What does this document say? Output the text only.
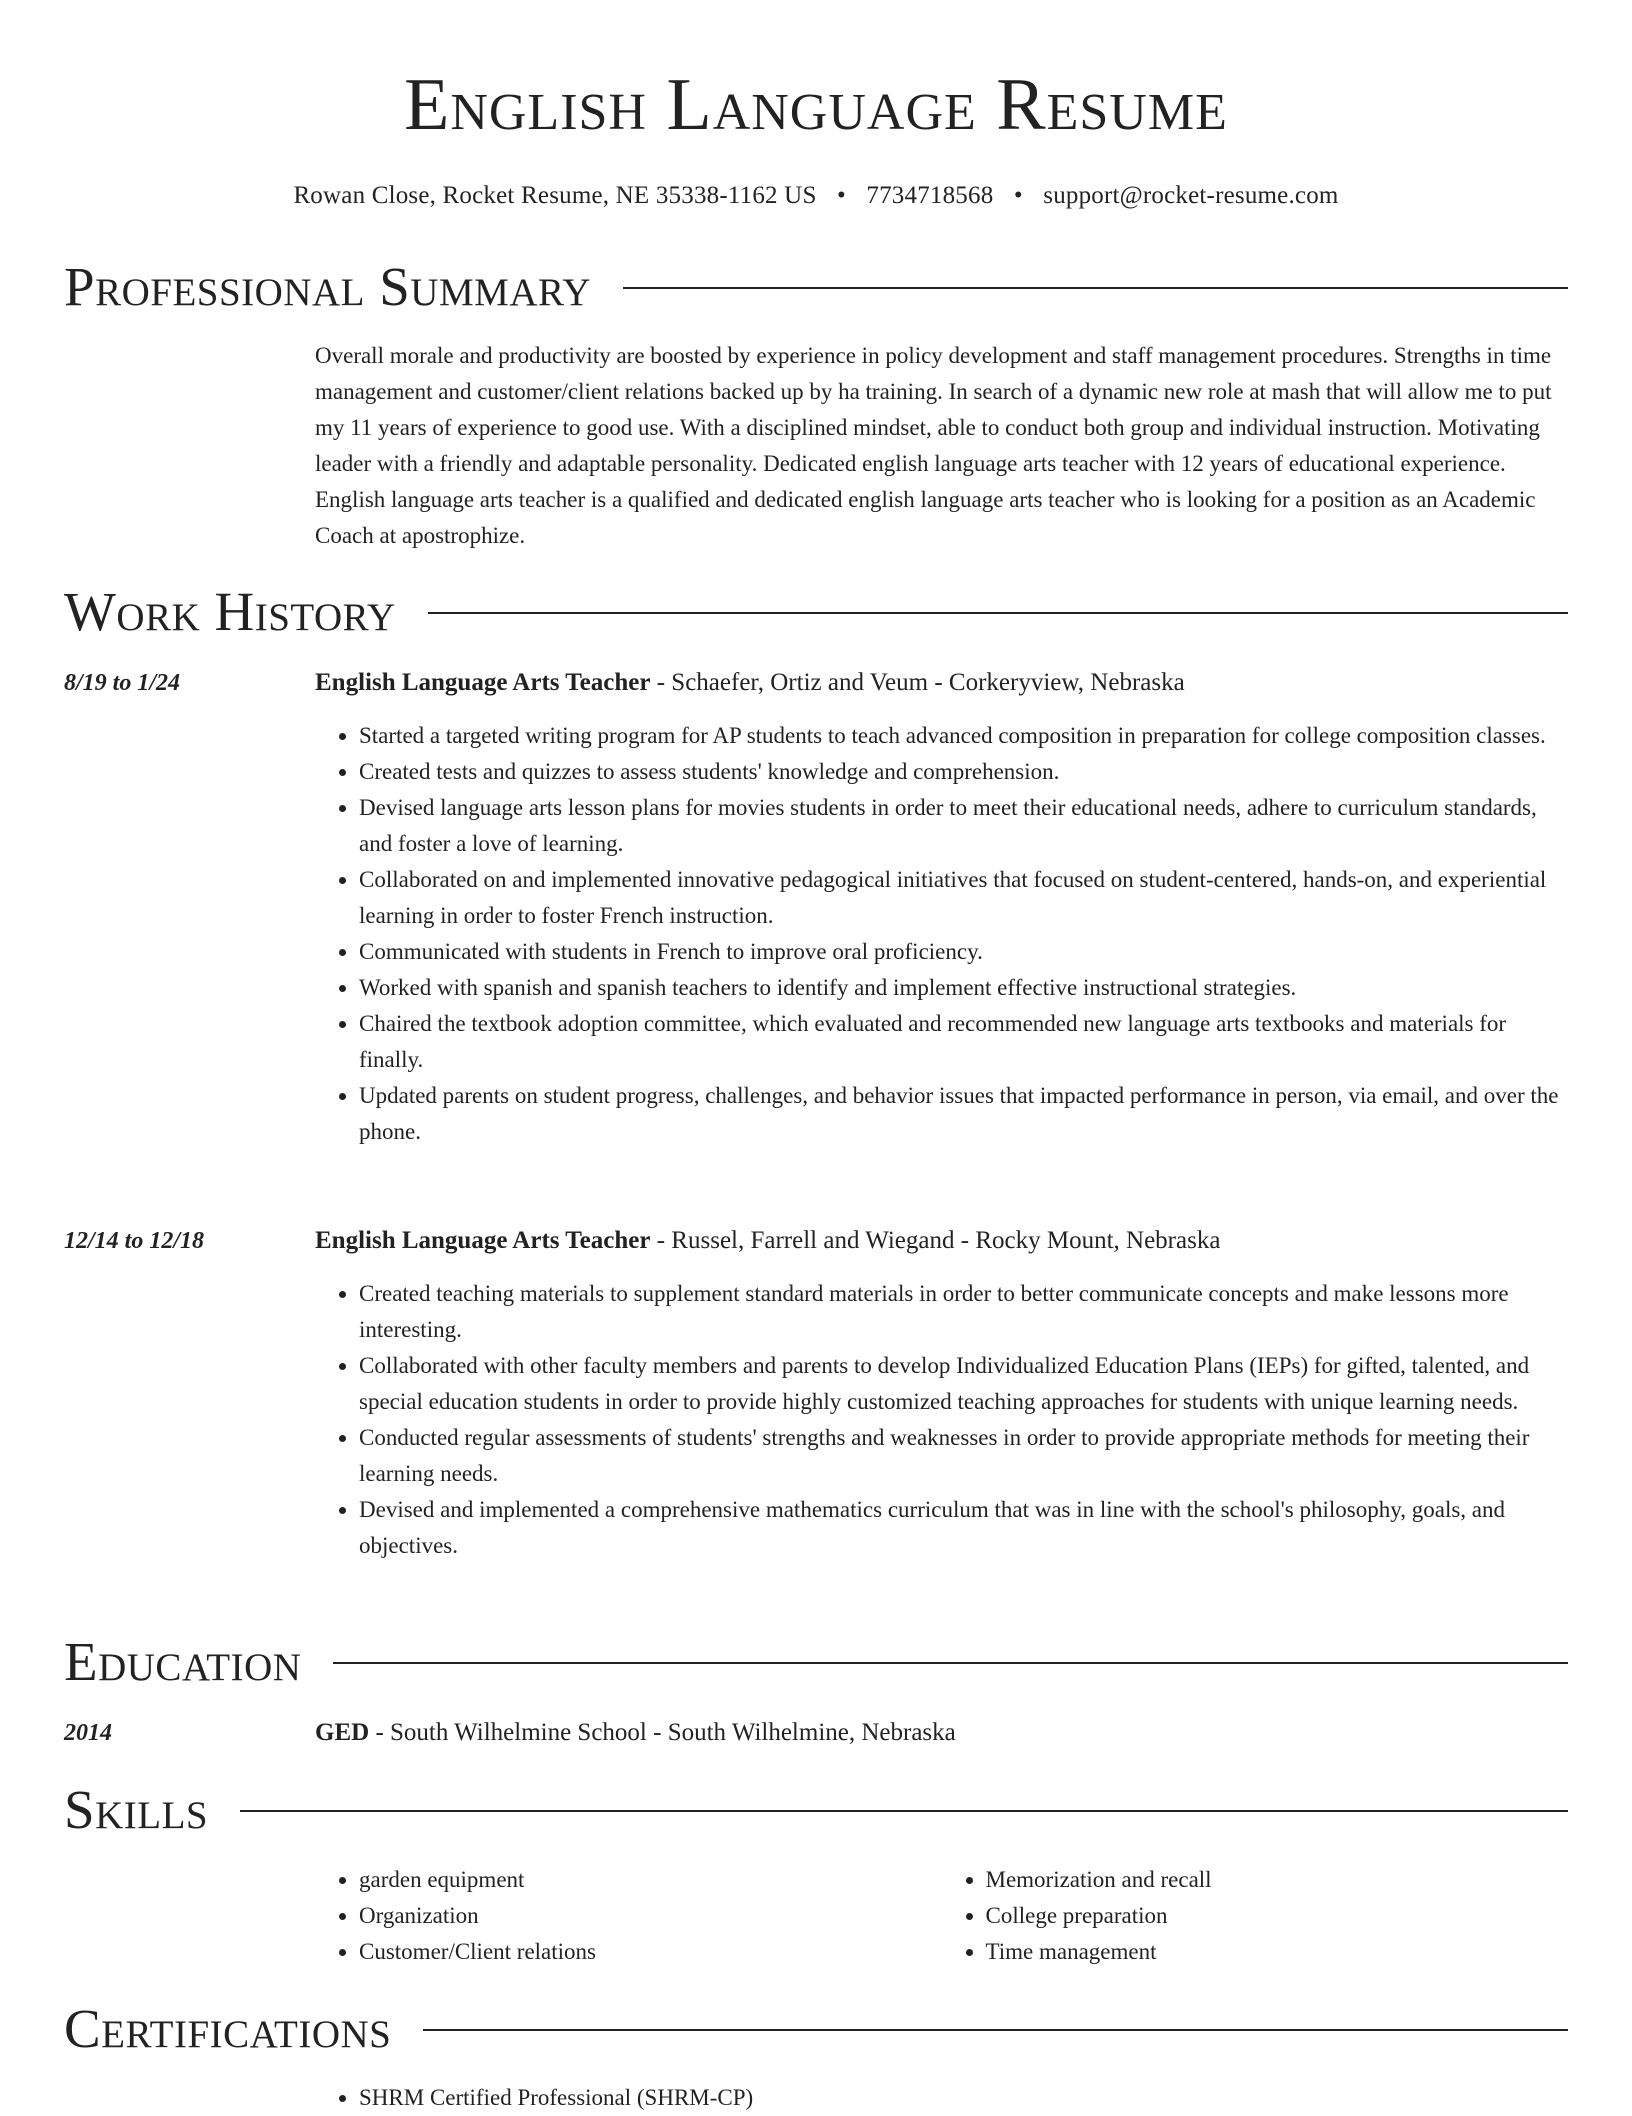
English Language Resume
Rowan Close, Rocket Resume, NE 35338-1162 US • 7734718568 • support@rocket-resume.com
Professional Summary
Overall morale and productivity are boosted by experience in policy development and staff management procedures. Strengths in time management and customer/client relations backed up by ha training. In search of a dynamic new role at mash that will allow me to put my 11 years of experience to good use. With a disciplined mindset, able to conduct both group and individual instruction. Motivating leader with a friendly and adaptable personality. Dedicated english language arts teacher with 12 years of educational experience. English language arts teacher is a qualified and dedicated english language arts teacher who is looking for a position as an Academic Coach at apostrophize.
Work History
8/19 to 1/24	English Language Arts Teacher - Schaefer, Ortiz and Veum - Corkeryview, Nebraska
• Started a targeted writing program for AP students to teach advanced composition in preparation for college composition classes.
• Created tests and quizzes to assess students' knowledge and comprehension.
• Devised language arts lesson plans for movies students in order to meet their educational needs, adhere to curriculum standards, and foster a love of learning.
• Collaborated on and implemented innovative pedagogical initiatives that focused on student-centered, hands-on, and experiential learning in order to foster French instruction.
• Communicated with students in French to improve oral proficiency.
• Worked with spanish and spanish teachers to identify and implement effective instructional strategies.
• Chaired the textbook adoption committee, which evaluated and recommended new language arts textbooks and materials for finally.
• Updated parents on student progress, challenges, and behavior issues that impacted performance in person, via email, and over the phone.
12/14 to 12/18	English Language Arts Teacher - Russel, Farrell and Wiegand - Rocky Mount, Nebraska
• Created teaching materials to supplement standard materials in order to better communicate concepts and make lessons more interesting.
• Collaborated with other faculty members and parents to develop Individualized Education Plans (IEPs) for gifted, talented, and special education students in order to provide highly customized teaching approaches for students with unique learning needs.
• Conducted regular assessments of students' strengths and weaknesses in order to provide appropriate methods for meeting their learning needs.
• Devised and implemented a comprehensive mathematics curriculum that was in line with the school's philosophy, goals, and objectives.
Education
2014	GED - South Wilhelmine School - South Wilhelmine, Nebraska
Skills
• garden equipment
• Organization
• Customer/Client relations
• Memorization and recall
• College preparation
• Time management
Certifications
• SHRM Certified Professional (SHRM-CP)
